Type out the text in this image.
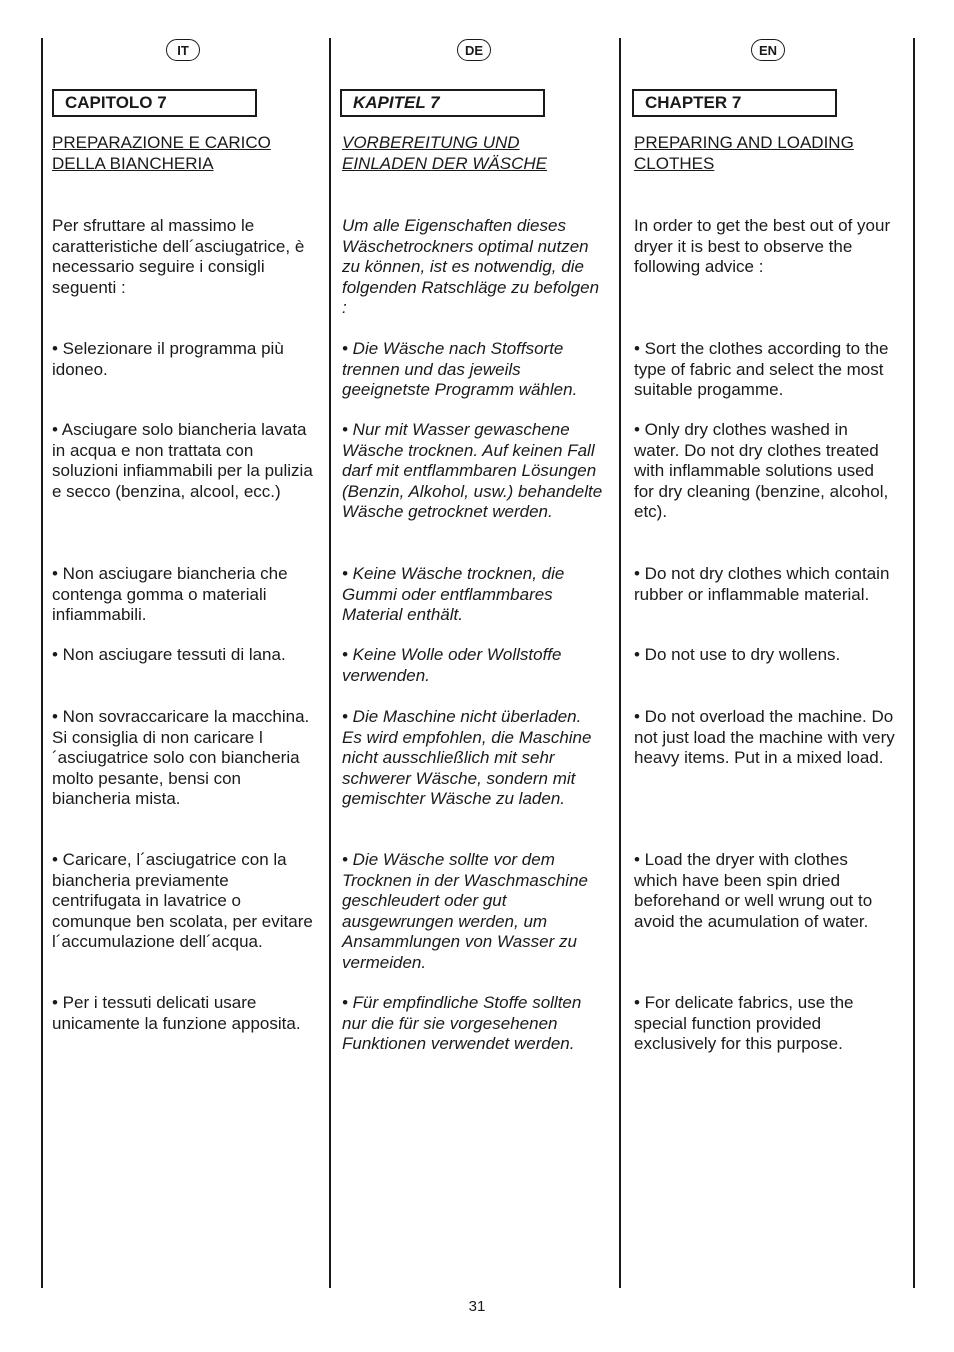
IT
CAPITOLO 7
PREPARAZIONE E CARICO
DELLA BIANCHERIA

Per sfruttare al massimo le caratteristiche dell´asciugatrice, è necessario seguire i consigli seguenti :

• Selezionare il programma più idoneo.

• Asciugare solo biancheria lavata in acqua e non trattata con soluzioni infiammabili per la pulizia e secco (benzina, alcool, ecc.)

• Non asciugare biancheria che contenga gomma o materiali infiammabili.

• Non asciugare tessuti di lana.

• Non sovraccaricare la macchina. Si consiglia di non caricare l´asciugatrice solo con biancheria molto pesante, bensi con biancheria mista.

• Caricare, l´asciugatrice con la biancheria previamente centrifugata in lavatrice o comunque ben scolata, per evitare l´accumulazione dell´acqua.

• Per i tessuti delicati usare unicamente la funzione apposita.

DE
KAPITEL 7
VORBEREITUNG UND
EINLADEN DER WÄSCHE

Um alle Eigenschaften dieses Wäschetrockners optimal nutzen zu können, ist es notwendig, die folgenden Ratschläge zu befolgen :

• Die Wäsche nach Stoffsorte trennen und das jeweils geeignetste Programm wählen.

• Nur mit Wasser gewaschene Wäsche trocknen. Auf keinen Fall darf mit entflammbaren Lösungen (Benzin, Alkohol, usw.) behandelte Wäsche getrocknet werden.

• Keine Wäsche trocknen, die Gummi oder entflammbares Material enthält.

• Keine Wolle oder Wollstoffe verwenden.

• Die Maschine nicht überladen. Es wird empfohlen, die Maschine nicht ausschließlich mit sehr schwerer Wäsche, sondern mit gemischter Wäsche zu laden.

• Die Wäsche sollte vor dem Trocknen in der Waschmaschine geschleudert oder gut ausgewrungen werden, um Ansammlungen von Wasser zu vermeiden.

• Für empfindliche Stoffe sollten nur die für sie vorgesehenen Funktionen verwendet werden.

EN
CHAPTER 7
PREPARING AND LOADING
CLOTHES

In order to get the best out of your dryer it is best to observe the following advice :

• Sort the clothes according to the type of fabric and select the most suitable progamme.

• Only dry clothes washed in water. Do not dry clothes treated with inflammable solutions used for dry cleaning (benzine, alcohol, etc).

• Do not dry clothes which contain rubber or inflammable material.

• Do not use to dry wollens.

• Do not overload the machine. Do not just load the machine with very heavy items. Put in a mixed load.

• Load the dryer with clothes which have been spin dried beforehand or well wrung out to avoid the acumulation of water.

• For delicate fabrics, use the special function provided exclusively for this purpose.

31
